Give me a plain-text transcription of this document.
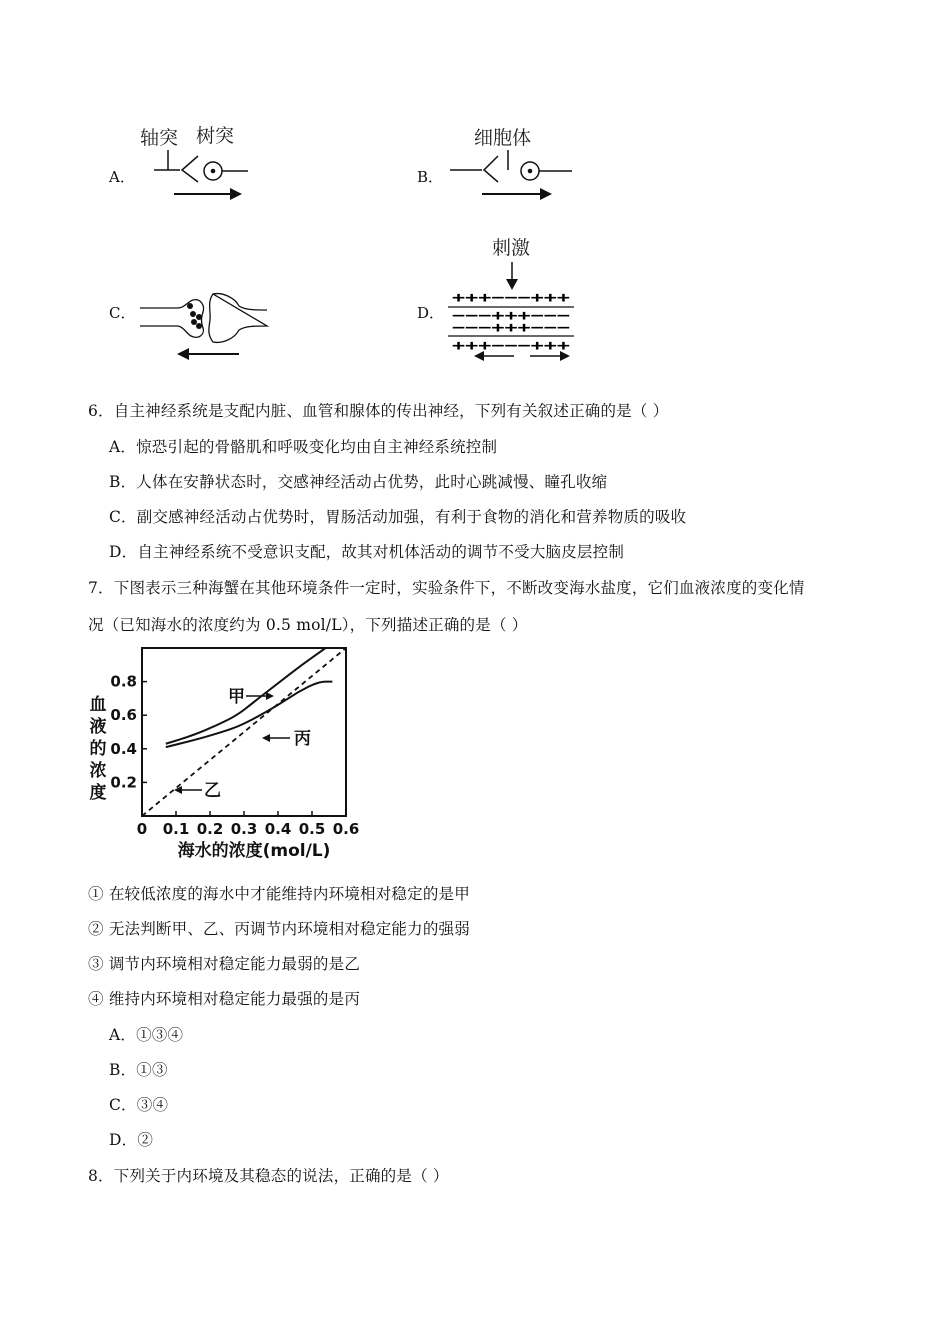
A．
轴突 树突
B．
细胞体
C．	D．
刺激
+++−−−+++
−−−+++−−−
−−−+++−−−
+++−−−+++
6．自主神经系统是支配内脏、血管和腺体的传出神经，下列有关叙述正确的是（ ）
A．惊恐引起的骨骼肌和呼吸变化均由自主神经系统控制
B．人体在安静状态时，交感神经活动占优势，此时心跳减慢、瞳孔收缩
C．副交感神经活动占优势时，胃肠活动加强，有利于食物的消化和营养物质的吸收
D．自主神经系统不受意识支配，故其对机体活动的调节不受大脑皮层控制
7．下图表示三种海蟹在其他环境条件一定时，实验条件下，不断改变海水盐度，它们血液浓度的变化情
况（已知海水的浓度约为 0.5 mol/L），下列描述正确的是（ ）
0.2
0.4
0.6
0.8
0 0.1 0.2 0.3 0.4 0.5 0.6
海水的浓度(mol/L)
血
液
的
浓
度
甲
丙
乙
① 在较低浓度的海水中才能维持内环境相对稳定的是甲
② 无法判断甲、乙、丙调节内环境相对稳定能力的强弱
③ 调节内环境相对稳定能力最弱的是乙
④ 维持内环境相对稳定能力最强的是丙
A．①③④
B．①③
C．③④
D．②
8．下列关于内环境及其稳态的说法，正确的是（ ）
